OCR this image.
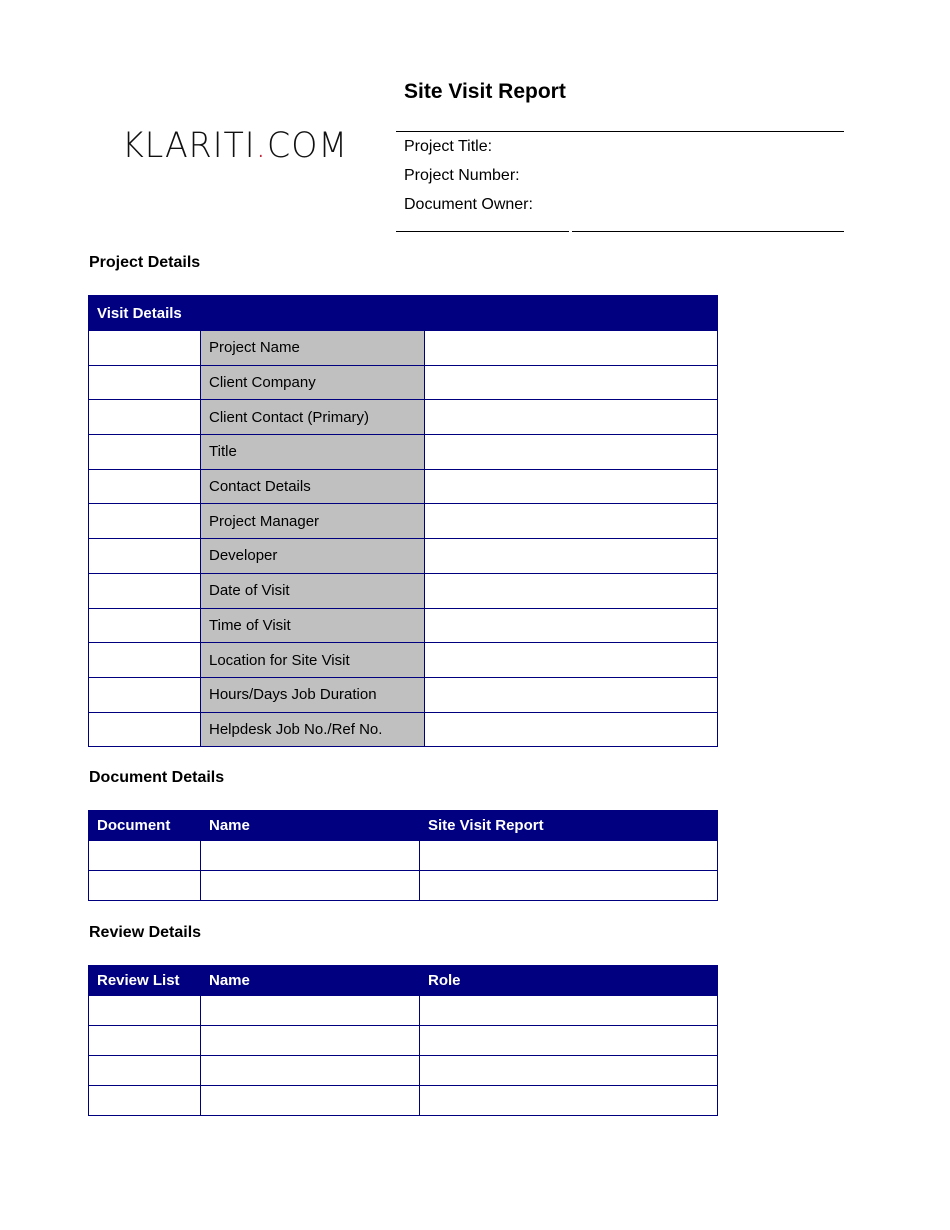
Site Visit Report
KLARITI.COM	Project Title:
Project Number:
Document Owner:
Project Details
Visit Details		
	Project Name	
	Client Company	
	Client Contact (Primary)	
	Title	
	Contact Details	
	Project Manager	
	Developer	
	Date of Visit	
	Time of Visit	
	Location for Site Visit	
	Hours/Days Job Duration	
	Helpdesk Job No./Ref No.	
Document Details
Document	Name	Site Visit Report

Review Details
Review List	Name	Role
